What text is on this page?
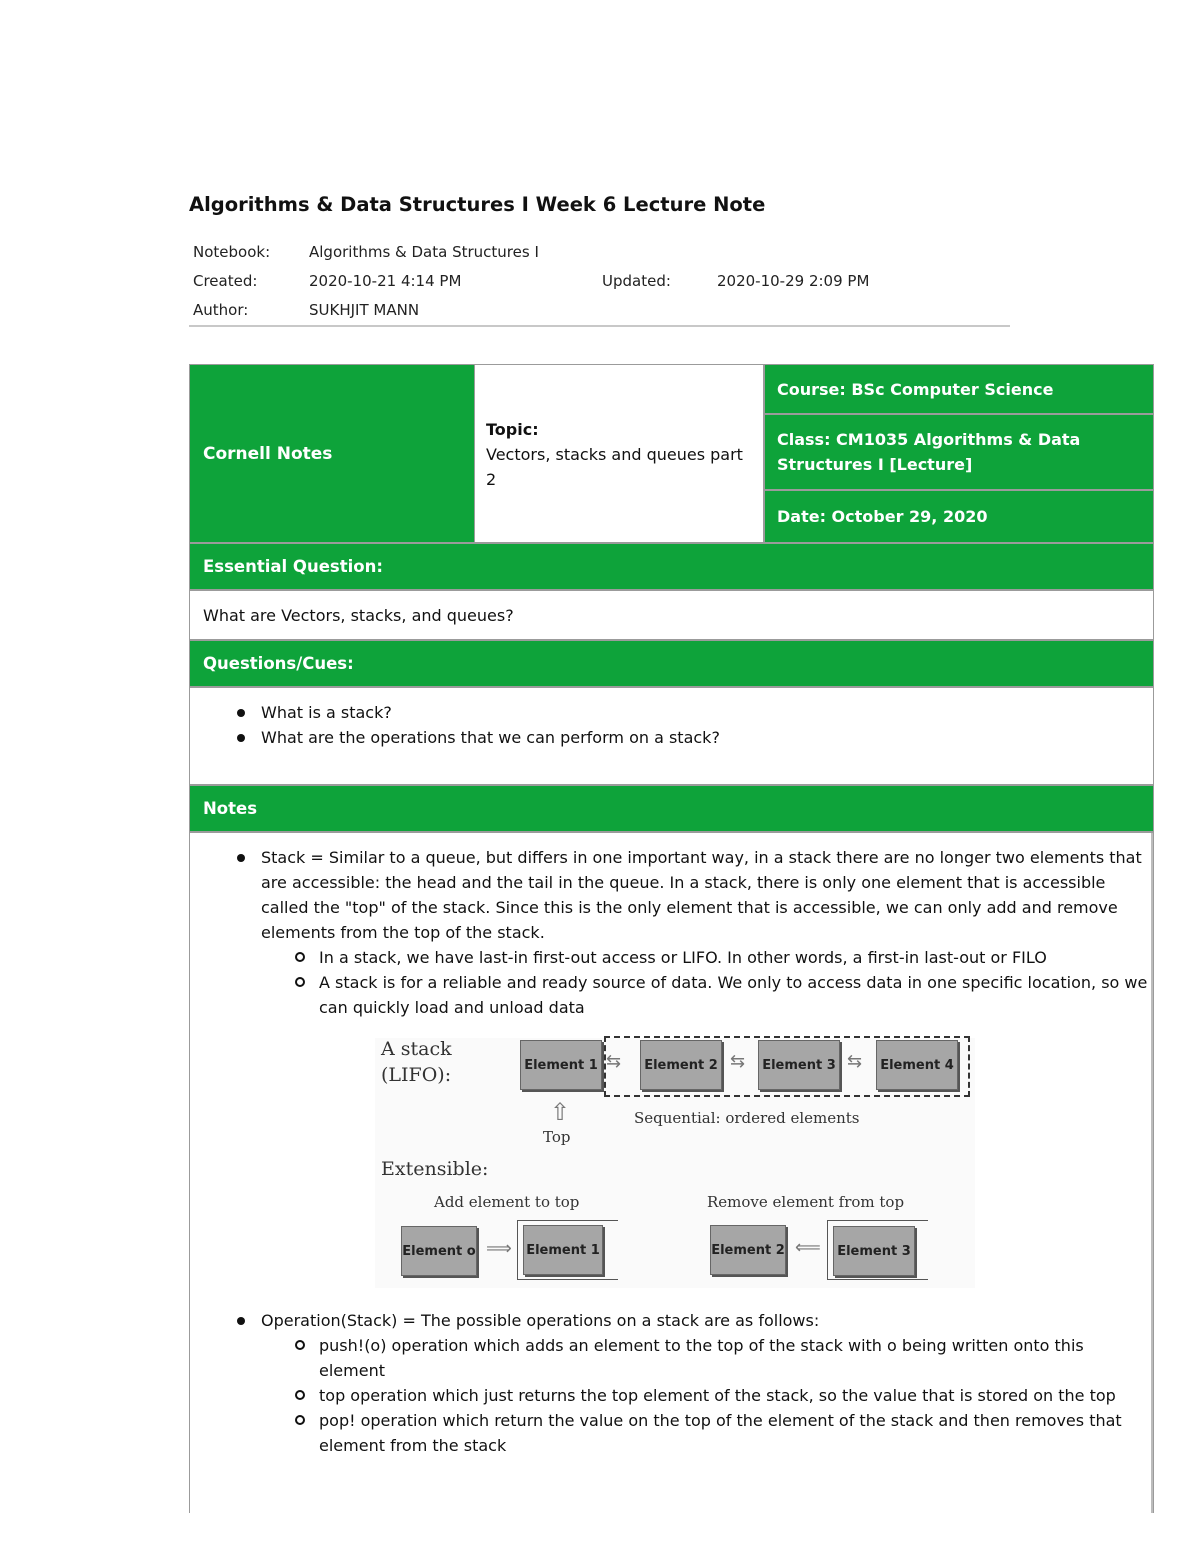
Algorithms & Data Structures I Week 6 Lecture Note
Notebook:	Algorithms & Data Structures I
Created:	2020-10-21 4:14 PM	Updated:	2020-10-29 2:09 PM
Author:	SUKHJIT MANN
Cornell Notes
Topic:
Vectors, stacks and queues part 2
Course: BSc Computer Science
Class: CM1035 Algorithms & Data Structures I [Lecture]
Date: October 29, 2020
Essential Question:
What are Vectors, stacks, and queues?
Questions/Cues:
What is a stack?
What are the operations that we can perform on a stack?
Notes
Stack = Similar to a queue, but differs in one important way, in a stack there are no longer two elements that are accessible: the head and the tail in the queue. In a stack, there is only one element that is accessible called the "top" of the stack. Since this is the only element that is accessible, we can only add and remove elements from the top of the stack.
In a stack, we have last-in first-out access or LIFO. In other words, a first-in last-out or FILO
A stack is for a reliable and ready source of data. We only to access data in one specific location, so we can quickly load and unload data
A stack
(LIFO):	Element 1 ⇆	Element 2 ⇆	Element 3 ⇆	Element 4
⇧
Top
Sequential: ordered elements
Extensible:
Add element to top	Remove element from top
Element o ⟹ Element 1	Element 2 ⟸	Element 3
Operation(Stack) = The possible operations on a stack are as follows:
push!(o) operation which adds an element to the top of the stack with o being written onto this element
top operation which just returns the top element of the stack, so the value that is stored on the top
pop! operation which return the value on the top of the element of the stack and then removes that element from the stack
